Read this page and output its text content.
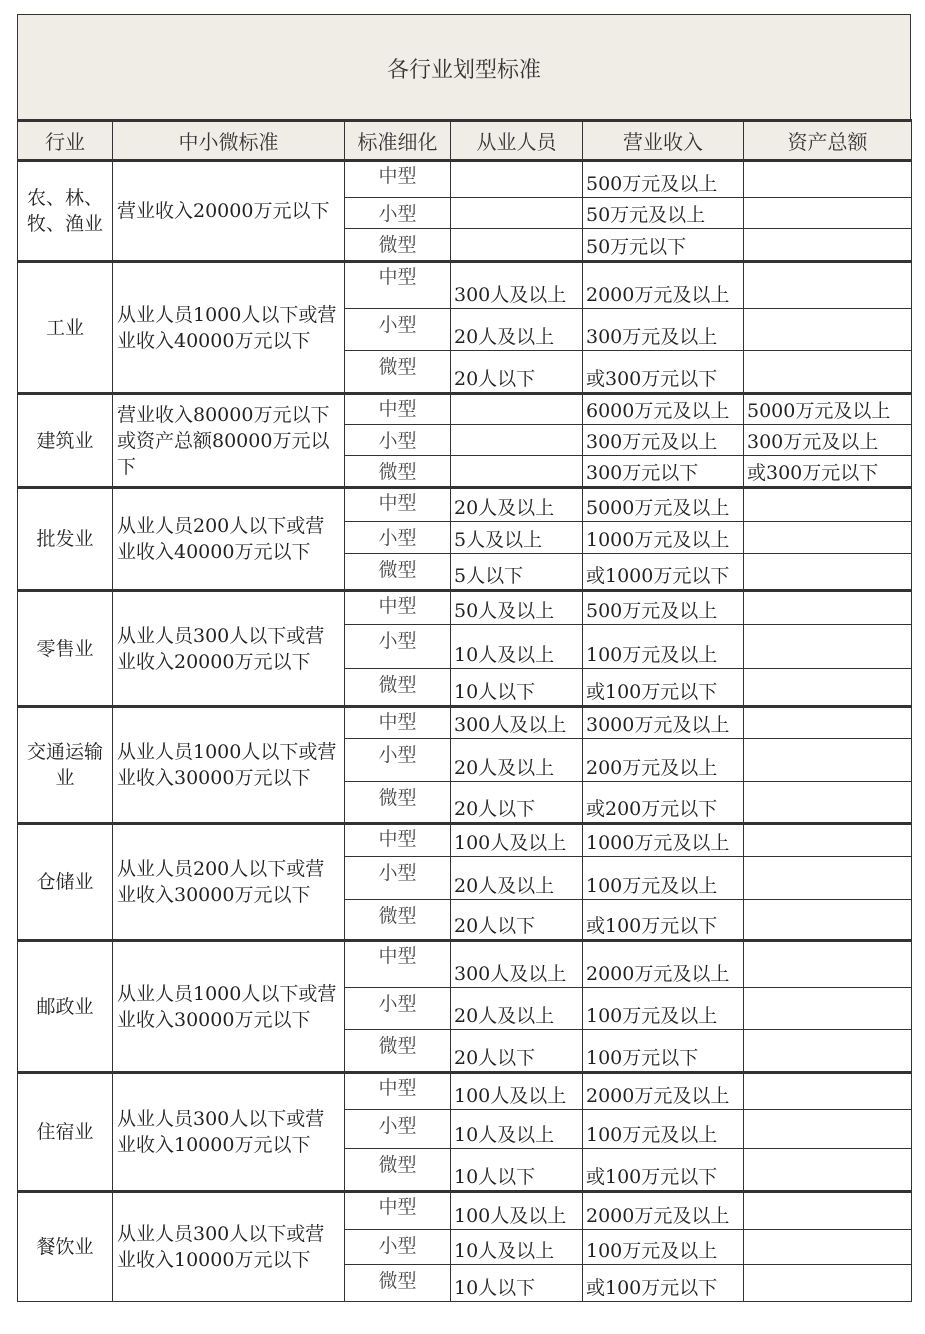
各行业划型标准
行业	中小微标准	标准细化	从业人员	营业收入	资产总额
农、林、牧、渔业	营业收入20000万元以下	中型		500万元及以上	
		小型		50万元及以上	
		微型		50万元以下	
工业	从业人员1000人以下或营业收入40000万元以下	中型	300人及以上	2000万元及以上	
		小型	20人及以上	300万元及以上	
		微型	20人以下	或300万元以下	
建筑业	营业收入80000万元以下或资产总额80000万元以下	中型		6000万元及以上	5000万元及以上
		小型		300万元及以上	300万元及以上
		微型		300万元以下	或300万元以下
批发业	从业人员200人以下或营业收入40000万元以下	中型	20人及以上	5000万元及以上	
		小型	5人及以上	1000万元及以上	
		微型	5人以下	或1000万元以下	
零售业	从业人员300人以下或营业收入20000万元以下	中型	50人及以上	500万元及以上	
		小型	10人及以上	100万元及以上	
		微型	10人以下	或100万元以下	
交通运输业	从业人员1000人以下或营业收入30000万元以下	中型	300人及以上	3000万元及以上	
		小型	20人及以上	200万元及以上	
		微型	20人以下	或200万元以下	
仓储业	从业人员200人以下或营业收入30000万元以下	中型	100人及以上	1000万元及以上	
		小型	20人及以上	100万元及以上	
		微型	20人以下	或100万元以下	
邮政业	从业人员1000人以下或营业收入30000万元以下	中型	300人及以上	2000万元及以上	
		小型	20人及以上	100万元及以上	
		微型	20人以下	100万元以下	
住宿业	从业人员300人以下或营业收入10000万元以下	中型	100人及以上	2000万元及以上	
		小型	10人及以上	100万元及以上	
		微型	10人以下	或100万元以下	
餐饮业	从业人员300人以下或营业收入10000万元以下	中型	100人及以上	2000万元及以上	
		小型	10人及以上	100万元及以上	
		微型	10人以下	或100万元以下	
